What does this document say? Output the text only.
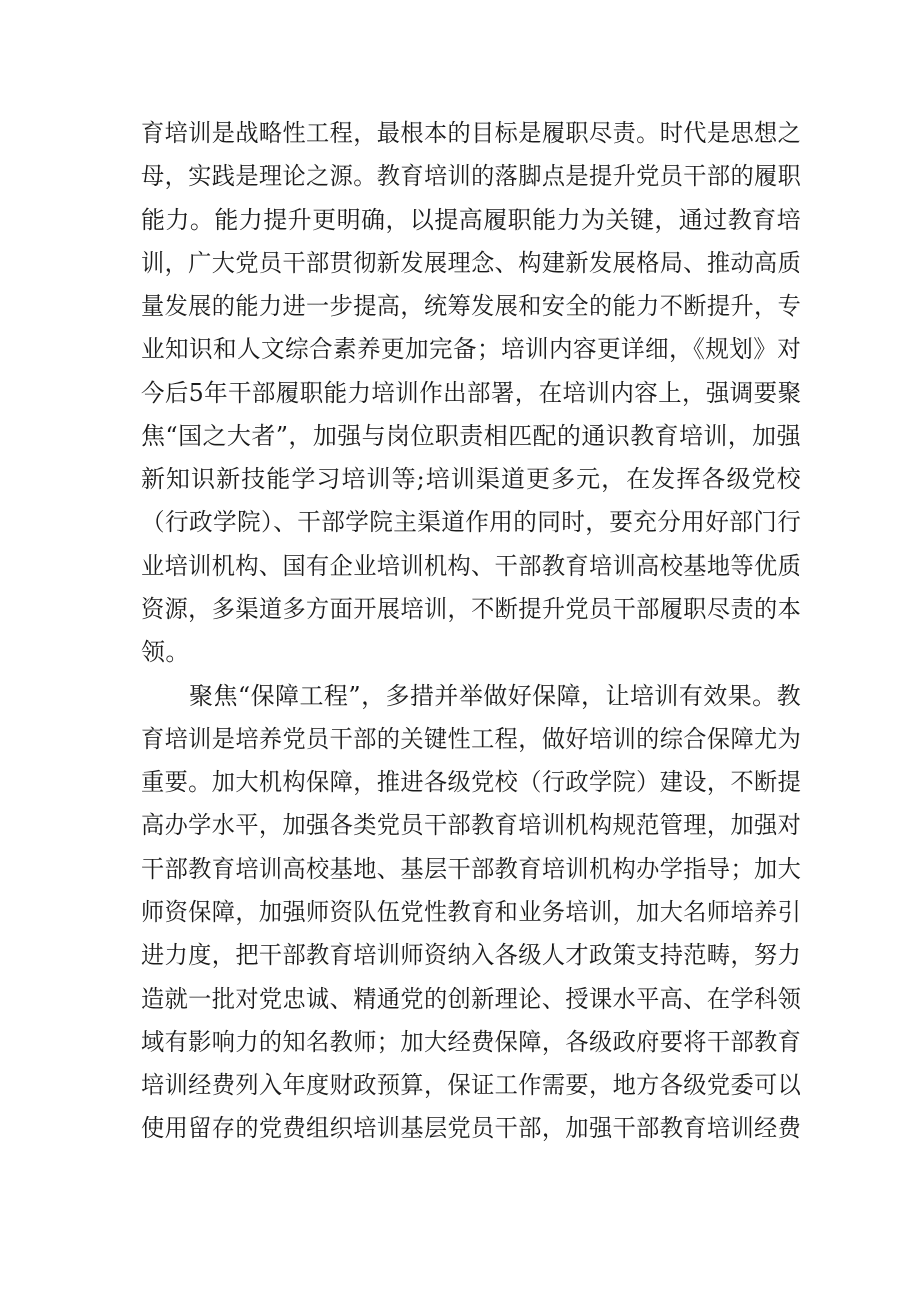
育培训是战略性工程，最根本的目标是履职尽责。时代是思想之
母，实践是理论之源。教育培训的落脚点是提升党员干部的履职
能力。能力提升更明确，以提高履职能力为关键，通过教育培
训，广大党员干部贯彻新发展理念、构建新发展格局、推动高质
量发展的能力进一步提高，统筹发展和安全的能力不断提升，专
业知识和人文综合素养更加完备；培训内容更详细，《规划》对
今后5年干部履职能力培训作出部署，在培训内容上，强调要聚
焦“国之大者”，加强与岗位职责相匹配的通识教育培训，加强
新知识新技能学习培训等;培训渠道更多元，在发挥各级党校
（行政学院）、干部学院主渠道作用的同时，要充分用好部门行
业培训机构、国有企业培训机构、干部教育培训高校基地等优质
资源，多渠道多方面开展培训，不断提升党员干部履职尽责的本
领。
聚焦“保障工程”，多措并举做好保障，让培训有效果。教
育培训是培养党员干部的关键性工程，做好培训的综合保障尤为
重要。加大机构保障，推进各级党校（行政学院）建设，不断提
高办学水平，加强各类党员干部教育培训机构规范管理，加强对
干部教育培训高校基地、基层干部教育培训机构办学指导；加大
师资保障，加强师资队伍党性教育和业务培训，加大名师培养引
进力度，把干部教育培训师资纳入各级人才政策支持范畴，努力
造就一批对党忠诚、精通党的创新理论、授课水平高、在学科领
域有影响力的知名教师；加大经费保障，各级政府要将干部教育
培训经费列入年度财政预算，保证工作需要，地方各级党委可以
使用留存的党费组织培训基层党员干部，加强干部教育培训经费
